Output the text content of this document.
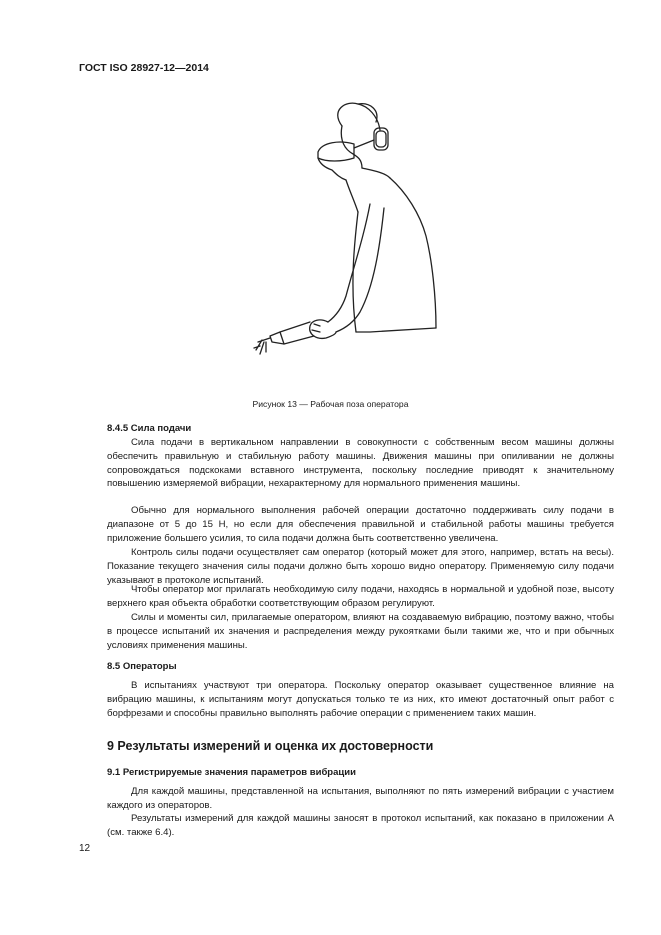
ГОСТ ISO 28927-12—2014
Рисунок 13 — Рабочая поза оператора
8.4.5 Сила подачи

Сила подачи в вертикальном направлении в совокупности с собственным весом машины должны обеспечить правильную и стабильную работу машины. Движения машины при опиливании не должны сопровождаться подскоками вставного инструмента, поскольку последние приводят к значительному повышению измеряемой вибрации, нехарактерному для нормального применения машины.

Обычно для нормального выполнения рабочей операции достаточно поддерживать силу подачи в диапазоне от 5 до 15 Н, но если для обеспечения правильной и стабильной работы машины требуется приложение большего усилия, то сила подачи должна быть соответственно увеличена.

Контроль силы подачи осуществляет сам оператор (который может для этого, например, встать на весы). Показание текущего значения силы подачи должно быть хорошо видно оператору. Применяемую силу подачи указывают в протоколе испытаний.

Чтобы оператор мог прилагать необходимую силу подачи, находясь в нормальной и удобной позе, высоту верхнего края объекта обработки соответствующим образом регулируют.

Силы и моменты сил, прилагаемые оператором, влияют на создаваемую вибрацию, поэтому важно, чтобы в процессе испытаний их значения и распределения между рукоятками были такими же, что и при обычных условиях применения машины.

8.5 Операторы

В испытаниях участвуют три оператора. Поскольку оператор оказывает существенное влияние на вибрацию машины, к испытаниям могут допускаться только те из них, кто имеют достаточный опыт работ с борфрезами и способны правильно выполнять рабочие операции с применением таких машин.

9 Результаты измерений и оценка их достоверности
9.1 Регистрируемые значения параметров вибрации

Для каждой машины, представленной на испытания, выполняют по пять измерений вибрации с участием каждого из операторов.

Результаты измерений для каждой машины заносят в протокол испытаний, как показано в приложении А (см. также 6.4).

12
